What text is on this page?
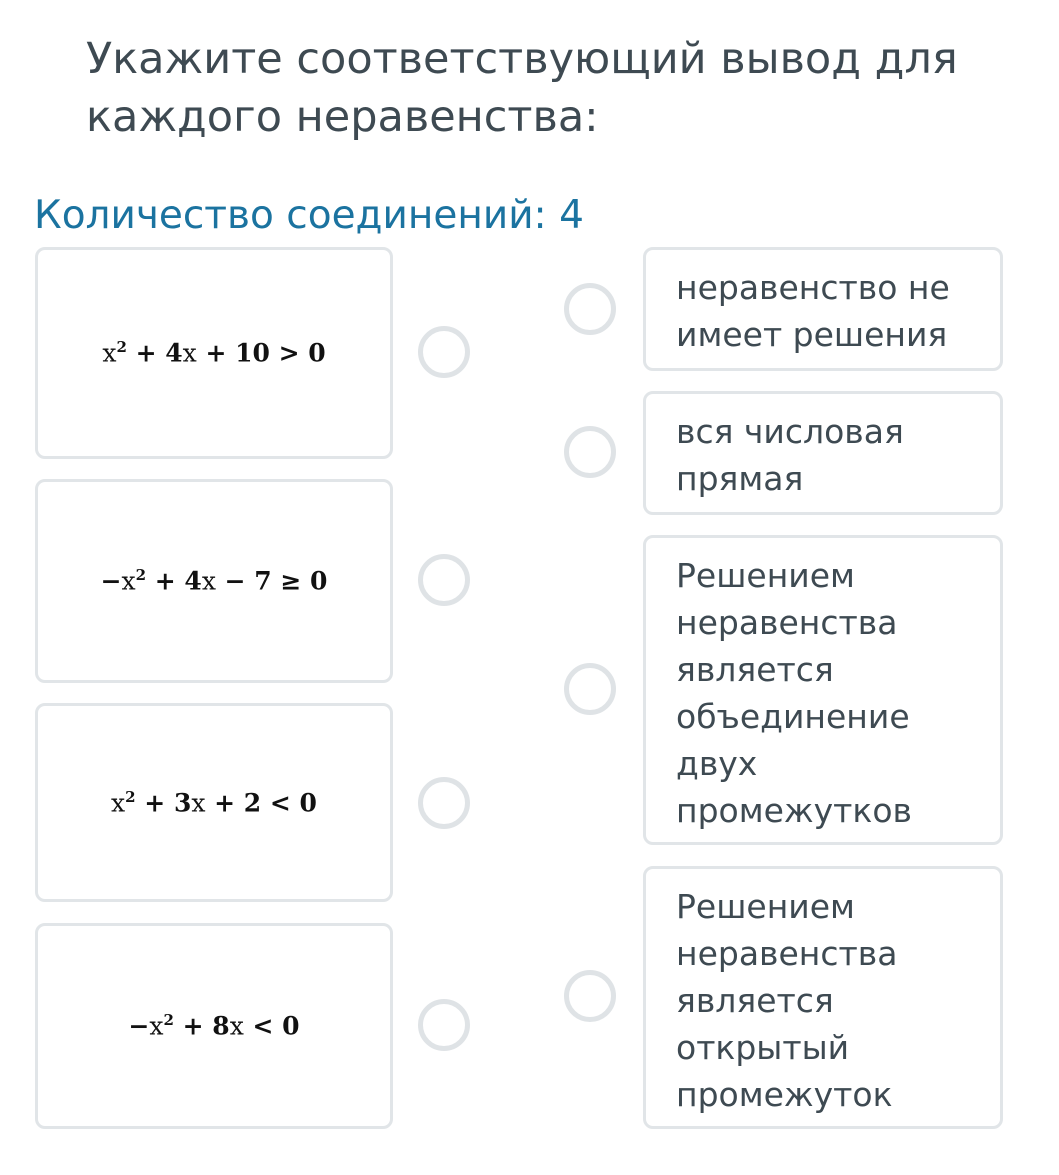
Укажите соответствующий вывод для
каждого неравенства:
Количество соединений: 4
$x^2 + 4x + 10 > 0$
$-x^2 + 4x - 7 \ge 0$
$x^2 + 3x + 2 < 0$
$-x^2 + 8x < 0$
неравенство не имеет решения
вся числовая прямая
Решением неравенства является объединение двух промежутков
Решением неравенства является открытый промежуток
